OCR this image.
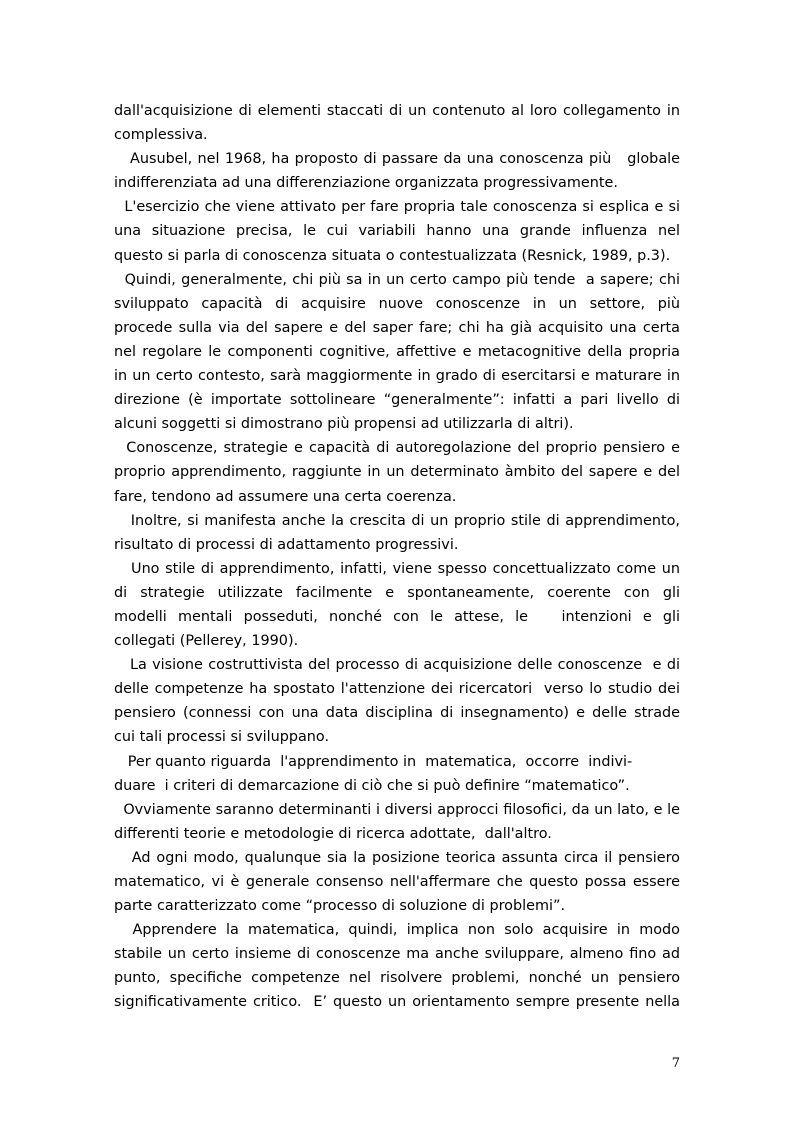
dall'acquisizione di elementi staccati di un contenuto al loro collegamento in
complessiva.
Ausubel, nel 1968, ha proposto di passare da una conoscenza più   globale
indifferenziata ad una differenziazione organizzata progressivamente.
L'esercizio che viene attivato per fare propria tale conoscenza si esplica e si
una situazione precisa, le cui variabili hanno una grande influenza nel
questo si parla di conoscenza situata o contestualizzata (Resnick, 1989, p.3).
Quindi, generalmente, chi più sa in un certo campo più tende  a sapere; chi
sviluppato capacità di acquisire nuove conoscenze in un settore, più
procede sulla via del sapere e del saper fare; chi ha già acquisito una certa
nel regolare le componenti cognitive, affettive e metacognitive della propria
in un certo contesto, sarà maggiormente in grado di esercitarsi e maturare in
direzione (è importate sottolineare “generalmente”: infatti a pari livello di
alcuni soggetti si dimostrano più propensi ad utilizzarla di altri).
Conoscenze, strategie e capacità di autoregolazione del proprio pensiero e
proprio apprendimento, raggiunte in un determinato àmbito del sapere e del
fare, tendono ad assumere una certa coerenza.
Inoltre, si manifesta anche la crescita di un proprio stile di apprendimento,
risultato di processi di adattamento progressivi.
Uno stile di apprendimento, infatti, viene spesso concettualizzato come un
di strategie utilizzate facilmente e spontaneamente, coerente con gli
modelli mentali posseduti, nonché con le attese, le   intenzioni e gli
collegati (Pellerey, 1990).
La visione costruttivista del processo di acquisizione delle conoscenze  e di
delle competenze ha spostato l'attenzione dei ricercatori  verso lo studio dei
pensiero (connessi con una data disciplina di insegnamento) e delle strade
cui tali processi si sviluppano.
Per quanto riguarda  l'apprendimento in  matematica,  occorre  indivi-
duare  i criteri di demarcazione di ciò che si può definire “matematico”.
Ovviamente saranno determinanti i diversi approcci filosofici, da un lato, e le
differenti teorie e metodologie di ricerca adottate,  dall'altro.
Ad ogni modo, qualunque sia la posizione teorica assunta circa il pensiero
matematico, vi è generale consenso nell'affermare che questo possa essere
parte caratterizzato come “processo di soluzione di problemi”.
Apprendere la matematica, quindi, implica non solo acquisire in modo
stabile un certo insieme di conoscenze ma anche sviluppare, almeno fino ad
punto, specifiche competenze nel risolvere problemi, nonché un pensiero
significativamente critico.  E’ questo un orientamento sempre presente nella
7
